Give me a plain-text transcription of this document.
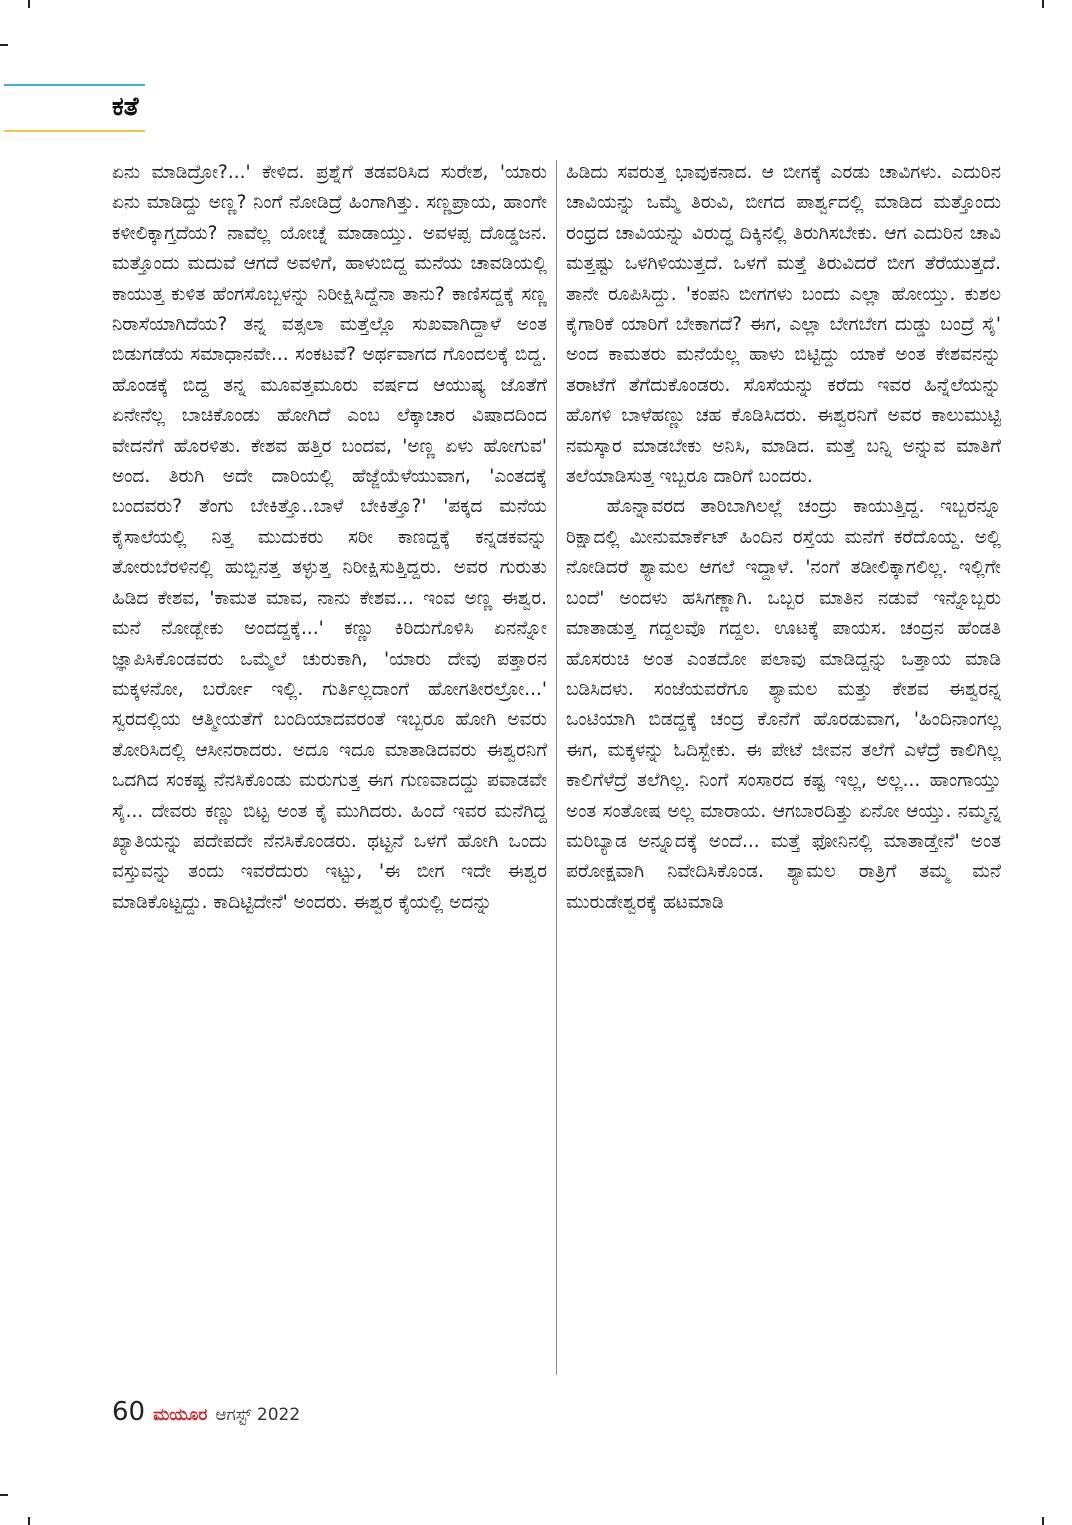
ಕತೆ

ಏನು ಮಾಡಿದ್ರೋ?...' ಕೇಳಿದ. ಪ್ರಶ್ನೆಗೆ ತಡವರಿಸಿದ ಸುರೇಶ, 'ಯಾರು ಏನು ಮಾಡಿದ್ದು ಅಣ್ಣ? ನಿಂಗೆ ನೋಡಿದ್ರೆ ಹಿಂಗಾಗಿತ್ತು. ಸಣ್ಣಪ್ರಾಯ, ಹಾಂಗೇ ಕಳೀಲಿಕ್ಕಾಗ್ತದೆಯ? ನಾವೆಲ್ಲ ಯೋಚ್ನೆ ಮಾಡಾಯ್ತು. ಅವಳಪ್ಪ ದೊಡ್ಡಜನ. ಮತ್ತೊಂದು ಮದುವೆ ಆಗದೆ ಅವಳಿಗೆ, ಹಾಳುಬಿದ್ದ ಮನೆಯ ಚಾವಡಿಯಲ್ಲಿ ಕಾಯುತ್ತ ಕುಳಿತ ಹೆಂಗಸೊಬ್ಬಳನ್ನು ನಿರೀಕ್ಷಿಸಿದ್ದೆನಾ ತಾನು? ಕಾಣಿಸದ್ದಕ್ಕೆ ಸಣ್ಣ ನಿರಾಸೆಯಾಗಿದೆಯ? ತನ್ನ ವತ್ಸಲಾ ಮತ್ತೆಲ್ಲೊ ಸುಖವಾಗಿದ್ದಾಳೆ ಅಂತ ಬಿಡುಗಡೆಯ ಸಮಾಧಾನವೇ... ಸಂಕಟವೆ? ಅರ್ಥವಾಗದ ಗೊಂದಲಕ್ಕೆ ಬಿದ್ದ. ಹೊಂಡಕ್ಕೆ ಬಿದ್ದ ತನ್ನ ಮೂವತ್ತಮೂರು ವರ್ಷದ ಆಯುಷ್ಯ ಜೊತೆಗೆ ಏನೇನೆಲ್ಲ ಬಾಚಿಕೊಂಡು ಹೋಗಿದೆ ಎಂಬ ಲೆಕ್ಕಾಚಾರ ವಿಷಾದದಿಂದ ವೇದನೆಗೆ ಹೊರಳಿತು. ಕೇಶವ ಹತ್ತಿರ ಬಂದವ, 'ಅಣ್ಣ ಏಳು ಹೋಗುವ' ಅಂದ. ತಿರುಗಿ ಅದೇ ದಾರಿಯಲ್ಲಿ ಹೆಜ್ಜೆಯೆಳೆಯುವಾಗ, 'ಎಂತದಕ್ಕೆ ಬಂದವರು? ತೆಂಗು ಬೇಕಿತ್ತೊ..ಬಾಳೆ ಬೇಕಿತ್ತೊ?' 'ಪಕ್ಕದ ಮನೆಯ ಕೈಸಾಲೆಯಲ್ಲಿ ನಿತ್ತ ಮುದುಕರು ಸರೀ ಕಾಣದ್ದಕ್ಕೆ ಕನ್ನಡಕವನ್ನು ತೋರುಬೆರಳಿನಲ್ಲಿ ಹುಬ್ಬಿನತ್ತ ತಳ್ಳುತ್ತ ನಿರೀಕ್ಷಿಸುತ್ತಿದ್ದರು. ಅವರ ಗುರುತು ಹಿಡಿದ ಕೇಶವ, 'ಕಾಮತ ಮಾವ, ನಾನು ಕೇಶವ... ಇಂವ ಅಣ್ಣ ಈಶ್ವರ. ಮನೆ ನೋಡ್ಬೇಕು ಅಂದದ್ದಕ್ಕೆ...' ಕಣ್ಣು ಕಿರಿದುಗೊಳಿಸಿ ಏನನ್ನೋ ಜ್ಞಾಪಿಸಿಕೊಂಡವರು ಒಮ್ಮೆಲೆ ಚುರುಕಾಗಿ, 'ಯಾರು ದೇವು ಪತ್ತಾರನ ಮಕ್ಕಳನೋ, ಬರ್ರೋ ಇಲ್ಲಿ. ಗುರ್ತಿಲ್ಲದಾಂಗೆ ಹೋಗತೀರಲ್ರೋ...' ಸ್ವರದಲ್ಲಿಯ ಆತ್ಮೀಯತೆಗೆ ಬಂದಿಯಾದವರಂತೆ ಇಬ್ಬರೂ ಹೋಗಿ ಅವರು ತೋರಿಸಿದಲ್ಲಿ ಆಸೀನರಾದರು. ಅದೂ ಇದೂ ಮಾತಾಡಿದವರು ಈಶ್ವರನಿಗೆ ಒದಗಿದ ಸಂಕಷ್ಟ ನೆನಸಿಕೊಂಡು ಮರುಗುತ್ತ ಈಗ ಗುಣವಾದದ್ದು ಪವಾಡವೇ ಸೈ... ದೇವರು ಕಣ್ಣು ಬಿಟ್ಟ ಅಂತ ಕೈ ಮುಗಿದರು. ಹಿಂದೆ ಇವರ ಮನೆಗಿದ್ದ ಖ್ಯಾತಿಯನ್ನು ಪದೇಪದೇ ನೆನಸಿಕೊಂಡರು. ಥಟ್ಟನೆ ಒಳಗೆ ಹೋಗಿ ಒಂದು ವಸ್ತುವನ್ನು ತಂದು ಇವರೆದುರು ಇಟ್ಟು, 'ಈ ಬೀಗ ಇದೇ ಈಶ್ವರ ಮಾಡಿಕೊಟ್ಟದ್ದು. ಕಾದಿಟ್ಟಿದೇನೆ' ಅಂದರು. ಈಶ್ವರ ಕೈಯಲ್ಲಿ ಅದನ್ನು

ಹಿಡಿದು ಸವರುತ್ತ ಭಾವುಕನಾದ. ಆ ಬೀಗಕ್ಕೆ ಎರಡು ಚಾವಿಗಳು. ಎದುರಿನ ಚಾವಿಯನ್ನು ಒಮ್ಮೆ ತಿರುವಿ, ಬೀಗದ ಪಾರ್ಶ್ವದಲ್ಲಿ ಮಾಡಿದ ಮತ್ತೊಂದು ರಂಧ್ರದ ಚಾವಿಯನ್ನು ವಿರುದ್ಧ ದಿಕ್ಕಿನಲ್ಲಿ ತಿರುಗಿಸಬೇಕು. ಆಗ ಎದುರಿನ ಚಾವಿ ಮತ್ತಷ್ಟು ಒಳಗಿಳಿಯುತ್ತದೆ. ಒಳಗೆ ಮತ್ತೆ ತಿರುವಿದರೆ ಬೀಗ ತೆರೆಯುತ್ತದೆ. ತಾನೇ ರೂಪಿಸಿದ್ದು. 'ಕಂಪನಿ ಬೀಗಗಳು ಬಂದು ಎಲ್ಲಾ ಹೋಯ್ತು. ಕುಶಲ ಕೈಗಾರಿಕೆ ಯಾರಿಗೆ ಬೇಕಾಗದೆ? ಈಗ, ಎಲ್ಲಾ ಬೇಗಬೇಗ ದುಡ್ಡು ಬಂದ್ರೆ ಸೈ' ಅಂದ ಕಾಮತರು ಮನೆಯೆಲ್ಲ ಹಾಳು ಬಿಟ್ಟಿದ್ದು ಯಾಕೆ ಅಂತ ಕೇಶವನನ್ನು ತರಾಟೆಗೆ ತೆಗೆದುಕೊಂಡರು. ಸೊಸೆಯನ್ನು ಕರೆದು ಇವರ ಹಿನ್ನೆಲೆಯನ್ನು ಹೊಗಳಿ ಬಾಳೆಹಣ್ಣು ಚಹ ಕೊಡಿಸಿದರು. ಈಶ್ವರನಿಗೆ ಅವರ ಕಾಲುಮುಟ್ಟಿ ನಮಸ್ಕಾರ ಮಾಡಬೇಕು ಅನಿಸಿ, ಮಾಡಿದ. ಮತ್ತೆ ಬನ್ನಿ ಅನ್ನುವ ಮಾತಿಗೆ ತಲೆಯಾಡಿಸುತ್ತ ಇಬ್ಬರೂ ದಾರಿಗೆ ಬಂದರು.

ಹೊನ್ನಾವರದ ತಾರಿಬಾಗಿಲಲ್ಲೆ ಚಂದ್ರು ಕಾಯುತ್ತಿದ್ದ. ಇಬ್ಬರನ್ನೂ ರಿಕ್ಷಾದಲ್ಲಿ ಮೀನುಮಾರ್ಕೆಟ್ ಹಿಂದಿನ ರಸ್ತೆಯ ಮನೆಗೆ ಕರೆದೊಯ್ದ. ಅಲ್ಲಿ ನೋಡಿದರೆ ಶ್ಯಾಮಲ ಆಗಲೆ ಇದ್ದಾಳೆ. 'ನಂಗೆ ತಡೀಲಿಕ್ಕಾಗಲಿಲ್ಲ. ಇಲ್ಲಿಗೇ ಬಂದೆ' ಅಂದಳು ಹಸಿಗಣ್ಣಾಗಿ. ಒಬ್ಬರ ಮಾತಿನ ನಡುವೆ ಇನ್ನೊಬ್ಬರು ಮಾತಾಡುತ್ತ ಗದ್ದಲವೊ ಗದ್ದಲ. ಊಟಕ್ಕೆ ಪಾಯಸ. ಚಂದ್ರನ ಹೆಂಡತಿ ಹೊಸರುಚಿ ಅಂತ ಎಂತದೋ ಪಲಾವು ಮಾಡಿದ್ದನ್ನು ಒತ್ತಾಯ ಮಾಡಿ ಬಡಿಸಿದಳು. ಸಂಜೆಯವರೆಗೂ ಶ್ಯಾಮಲ ಮತ್ತು ಕೇಶವ ಈಶ್ವರನ್ನ ಒಂಟಿಯಾಗಿ ಬಿಡದ್ದಕ್ಕೆ ಚಂದ್ರ ಕೊನೆಗೆ ಹೊರಡುವಾಗ, 'ಹಿಂದಿನಾಂಗಲ್ಲ ಈಗ, ಮಕ್ಕಳನ್ನು ಓದಿಸ್ಬೇಕು. ಈ ಪೇಟೆ ಜೀವನ ತಲೆಗೆ ಎಳೆದ್ರೆ ಕಾಲಿಗಿಲ್ಲ ಕಾಲಿಗೆಳೆದ್ರೆ ತಲೆಗಿಲ್ಲ. ನಿಂಗೆ ಸಂಸಾರದ ಕಷ್ಟ ಇಲ್ಲ, ಅಲ್ಲ... ಹಾಂಗಾಯ್ತು ಅಂತ ಸಂತೋಷ ಅಲ್ಲ ಮಾರಾಯ. ಆಗಬಾರದಿತ್ತು ಏನೋ ಆಯ್ತು. ನಮ್ಮನ್ನ ಮರಿಬ್ಯಾಡ ಅನ್ನೂದಕ್ಕೆ ಅಂದೆ... ಮತ್ತೆ ಫೋನಿನಲ್ಲಿ ಮಾತಾಡ್ತೇನೆ' ಅಂತ ಪರೋಕ್ಷವಾಗಿ ನಿವೇದಿಸಿಕೊಂಡ. ಶ್ಯಾಮಲ ರಾತ್ರಿಗೆ ತಮ್ಮ ಮನೆ ಮುರುಡೇಶ್ವರಕ್ಕೆ ಹಟಮಾಡಿ

60 ಮಯೂರ ಆಗಸ್ಟ್ 2022
